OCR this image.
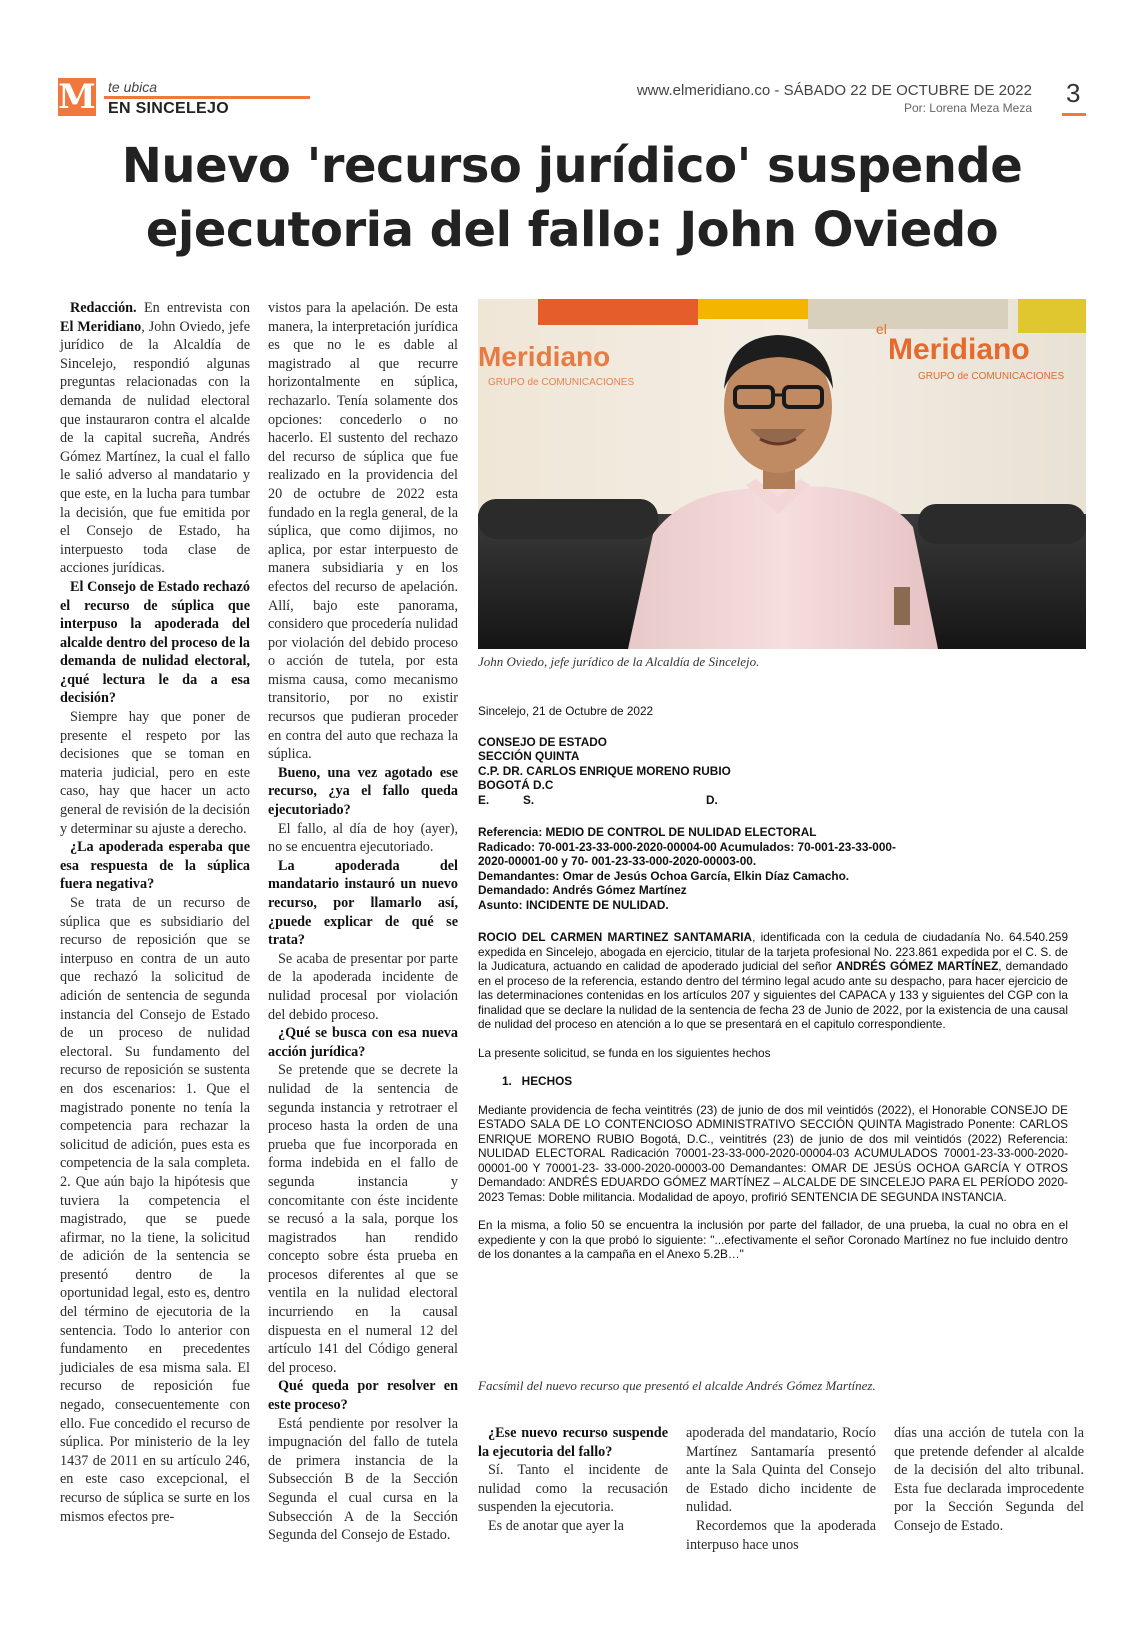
M te ubica
EN SINCELEJO
www.elmeridiano.co - SÁBADO 22 DE OCTUBRE DE 2022
Por: Lorena Meza Meza 3
Nuevo 'recurso jurídico' suspende ejecutoria del fallo: John Oviedo

Redacción. En entrevista con El Meridiano, John Oviedo, jefe jurídico de la Alcaldía de Sincelejo, respondió algunas preguntas relacionadas con la demanda de nulidad electoral que instauraron contra el alcalde de la capital sucreña, Andrés Gómez Martínez, la cual el fallo le salió adverso al mandatario y que este, en la lucha para tumbar la decisión, que fue emitida por el Consejo de Estado, ha interpuesto toda clase de acciones jurídicas.

El Consejo de Estado rechazó el recurso de súplica que interpuso la apoderada del alcalde dentro del proceso de la demanda de nulidad electoral, ¿qué lectura le da a esa decisión?

Siempre hay que poner de presente el respeto por las decisiones que se toman en materia judicial, pero en este caso, hay que hacer un acto general de revisión de la decisión y determinar su ajuste a derecho.

¿La apoderada esperaba que esa respuesta de la súplica fuera negativa?

Se trata de un recurso de súplica que es subsidiario del recurso de reposición que se interpuso en contra de un auto que rechazó la solicitud de adición de sentencia de segunda instancia del Consejo de Estado de un proceso de nulidad electoral. Su fundamento del recurso de reposición se sustenta en dos escenarios: 1. Que el magistrado ponente no tenía la competencia para rechazar la solicitud de adición, pues esta es competencia de la sala completa. 2. Que aún bajo la hipótesis que tuviera la competencia el magistrado, que se puede afirmar, no la tiene, la solicitud de adición de la sentencia se presentó dentro de la oportunidad legal, esto es, dentro del término de ejecutoria de la sentencia. Todo lo anterior con fundamento en precedentes judiciales de esa misma sala. El recurso de reposición fue negado, consecuentemente con ello. Fue concedido el recurso de súplica. Por ministerio de la ley 1437 de 2011 en su artículo 246, en este caso excepcional, el recurso de súplica se surte en los mismos efectos pre-

vistos para la apelación. De esta manera, la interpretación jurídica es que no le es dable al magistrado al que recurre horizontalmente en súplica, rechazarlo. Tenía solamente dos opciones: concederlo o no hacerlo. El sustento del rechazo del recurso de súplica que fue realizado en la providencia del 20 de octubre de 2022 esta fundado en la regla general, de la súplica, que como dijimos, no aplica, por estar interpuesto de manera subsidiaria y en los efectos del recurso de apelación. Allí, bajo este panorama, considero que procedería nulidad por violación del debido proceso o acción de tutela, por esta misma causa, como mecanismo transitorio, por no existir recursos que pudieran proceder en contra del auto que rechaza la súplica.

Bueno, una vez agotado ese recurso, ¿ya el fallo queda ejecutoriado?

El fallo, al día de hoy (ayer), no se encuentra ejecutoriado.

La apoderada del mandatario instauró un nuevo recurso, por llamarlo así, ¿puede explicar de qué se trata?

Se acaba de presentar por parte de la apoderada incidente de nulidad procesal por violación del debido proceso.

¿Qué se busca con esa nueva acción jurídica?

Se pretende que se decrete la nulidad de la sentencia de segunda instancia y retrotraer el proceso hasta la orden de una prueba que fue incorporada en forma indebida en el fallo de segunda instancia y concomitante con éste incidente se recusó a la sala, porque los magistrados han rendido concepto sobre ésta prueba en procesos diferentes al que se ventila en la nulidad electoral incurriendo en la causal dispuesta en el numeral 12 del artículo 141 del Código general del proceso.

Qué queda por resolver en este proceso?

Está pendiente por resolver la impugnación del fallo de tutela de primera instancia de la Subsección B de la Sección Segunda el cual cursa en la Subsección A de la Sección Segunda del Consejo de Estado.

Meridiano
GRUPO de COMUNICACIONES
el
Meridiano
GRUPO de COMUNICACIONES
John Oviedo, jefe jurídico de la Alcaldía de Sincelejo.

Sincelejo, 21 de Octubre de 2022

CONSEJO DE ESTADO

SECCIÓN QUINTA

C.P. DR. CARLOS ENRIQUE MORENO RUBIO

BOGOTÁ D.C

E.	S.	D.

Referencia: MEDIO DE CONTROL DE NULIDAD ELECTORAL

Radicado: 70-001-23-33-000-2020-00004-00 Acumulados: 70-001-23-33-000-2020-00001-00 y 70- 001-23-33-000-2020-00003-00.

Demandantes: Omar de Jesús Ochoa García, Elkin Díaz Camacho.

Demandado: Andrés Gómez Martínez

Asunto: INCIDENTE DE NULIDAD.

ROCIO DEL CARMEN MARTINEZ SANTAMARIA, identificada con la cedula de ciudadanía No. 64.540.259 expedida en Sincelejo, abogada en ejercicio, titular de la tarjeta profesional No. 223.861 expedida por el C. S. de la Judicatura, actuando en calidad de apoderado judicial del señor ANDRÉS GÓMEZ MARTÍNEZ, demandado en el proceso de la referencia, estando dentro del término legal acudo ante su despacho, para hacer ejercicio de las determinaciones contenidas en los artículos 207 y siguientes del CAPACA y 133 y siguientes del CGP con la finalidad que se declare la nulidad de la sentencia de fecha 23 de Junio de 2022, por la existencia de una causal de nulidad del proceso en atención a lo que se presentará en el capitulo correspondiente.

La presente solicitud, se funda en los siguientes hechos

1.   HECHOS

Mediante providencia de fecha veintitrés (23) de junio de dos mil veintidós (2022), el Honorable CONSEJO DE ESTADO SALA DE LO CONTENCIOSO ADMINISTRATIVO SECCIÓN QUINTA Magistrado Ponente: CARLOS ENRIQUE MORENO RUBIO Bogotá, D.C., veintitrés (23) de junio de dos mil veintidós (2022) Referencia: NULIDAD ELECTORAL Radicación 70001-23-33-000-2020-00004-03 ACUMULADOS 70001-23-33-000-2020-00001-00 Y 70001-23- 33-000-2020-00003-00 Demandantes: OMAR DE JESÚS OCHOA GARCÍA Y OTROS Demandado: ANDRÉS EDUARDO GÓMEZ MARTÍNEZ – ALCALDE DE SINCELEJO PARA EL PERÍODO 2020-2023 Temas: Doble militancia. Modalidad de apoyo, profirió SENTENCIA DE SEGUNDA INSTANCIA.

En la misma, a folio 50 se encuentra la inclusión por parte del fallador, de una prueba, la cual no obra en el expediente y con la que probó lo siguiente: "...efectivamente el señor Coronado Martínez no fue incluido dentro de los donantes a la campaña en el Anexo 5.2B…"

Facsímil del nuevo recurso que presentó el alcalde Andrés Gómez Martínez.

¿Ese nuevo recurso suspende la ejecutoria del fallo?

Sí. Tanto el incidente de nulidad como la recusación suspenden la ejecutoria.

Es de anotar que ayer la

apoderada del mandatario, Rocío Martínez Santamaría presentó ante la Sala Quinta del Consejo de Estado dicho incidente de nulidad.

Recordemos que la apoderada interpuso hace unos

días una acción de tutela con la que pretende defender al alcalde de la decisión del alto tribunal. Esta fue declarada improcedente por la Sección Segunda del Consejo de Estado.
